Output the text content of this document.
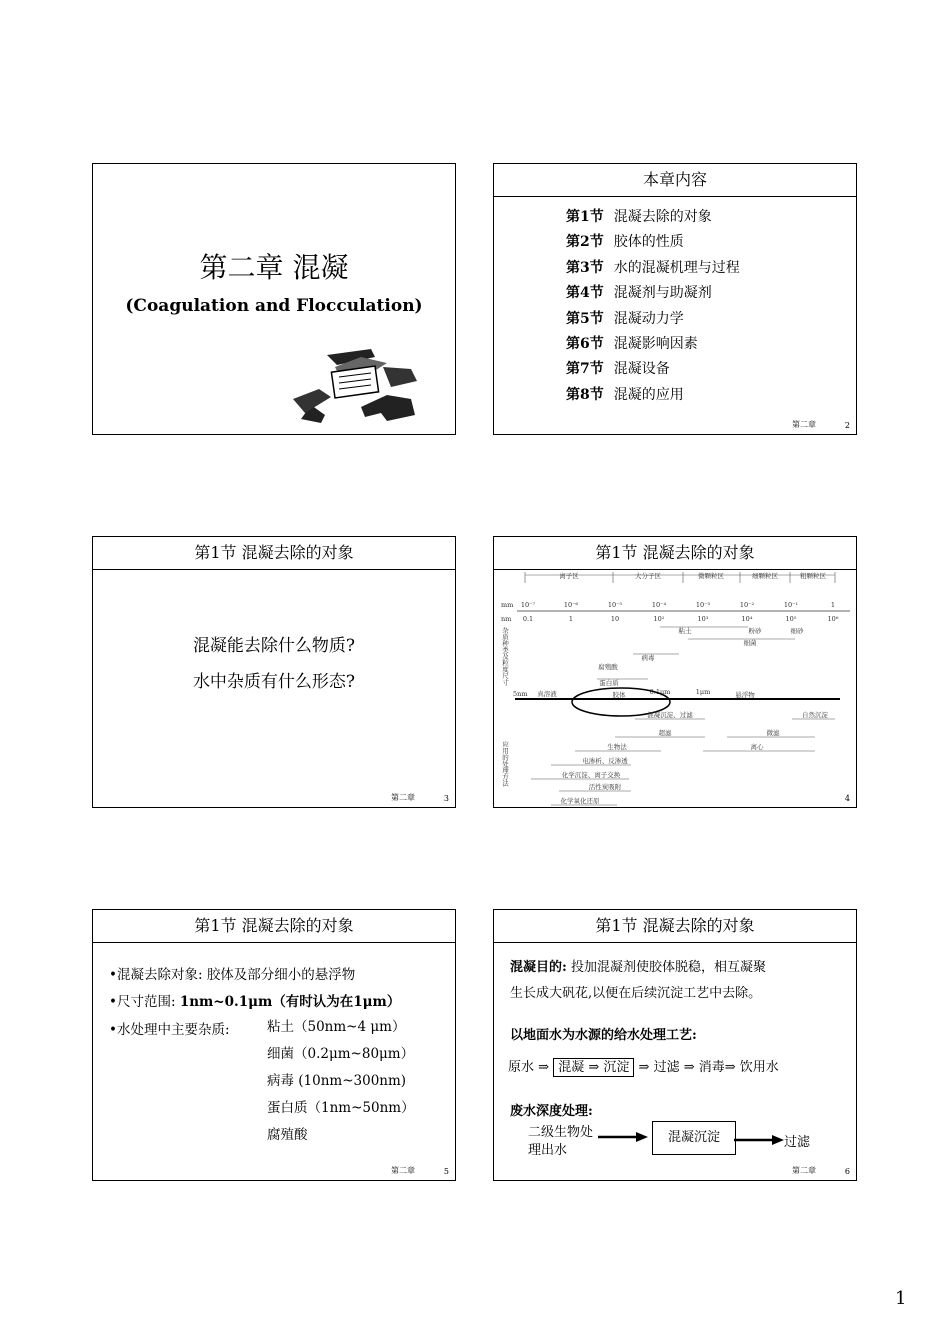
第二章 混凝
(Coagulation and Flocculation)
本章内容
第1节 混凝去除的对象
第2节 胶体的性质
第3节 水的混凝机理与过程
第4节 混凝剂与助凝剂
第5节 混凝动力学
第6节 混凝影响因素
第7节 混凝设备
第8节 混凝的应用
第二章	2
第1节 混凝去除的对象
混凝能去除什么物质?
水中杂质有什么形态?
第二章	3
第1节 混凝去除的对象
离子区	大分子区	微颗粒区	细颗粒区	粗颗粒区
mm
nm
10⁻⁷	10⁻⁶	10⁻⁵	10⁻⁴	10⁻³	10⁻²	10⁻¹	1
0.1	1	10	10²	10³	10⁴	10⁵	10⁶
杂质种类及粒度尺寸
应用的处理方法
粘土	粉砂	细砂
细菌
病毒
腐殖酸
蛋白质
5nm 真溶液	胶体	0.1μm	1μm	悬浮物
混凝沉淀、过滤	自然沉淀
超滤	微滤
生物法	离心
电渗析、反渗透
化学沉淀、离子交换
活性炭吸附
化学氧化还原	4
第1节 混凝去除的对象
•混凝去除对象: 胶体及部分细小的悬浮物
•尺寸范围: 1nm~0.1μm（有时认为在1μm）
•水处理中主要杂质:	粘土（50nm~4 μm）
细菌（0.2μm~80μm）
病毒 (10nm~300nm)
蛋白质（1nm~50nm）
腐殖酸
第二章	5
第1节 混凝去除的对象
混凝目的: 投加混凝剂使胶体脱稳，相互凝聚
生长成大矾花,以便在后续沉淀工艺中去除。
以地面水为水源的给水处理工艺:
原水 ⇒ 混凝 ⇒ 沉淀 ⇒ 过滤 ⇒ 消毒⇒ 饮用水
废水深度处理:
二级生物处理出水
混凝沉淀	过滤
第二章	6
1
